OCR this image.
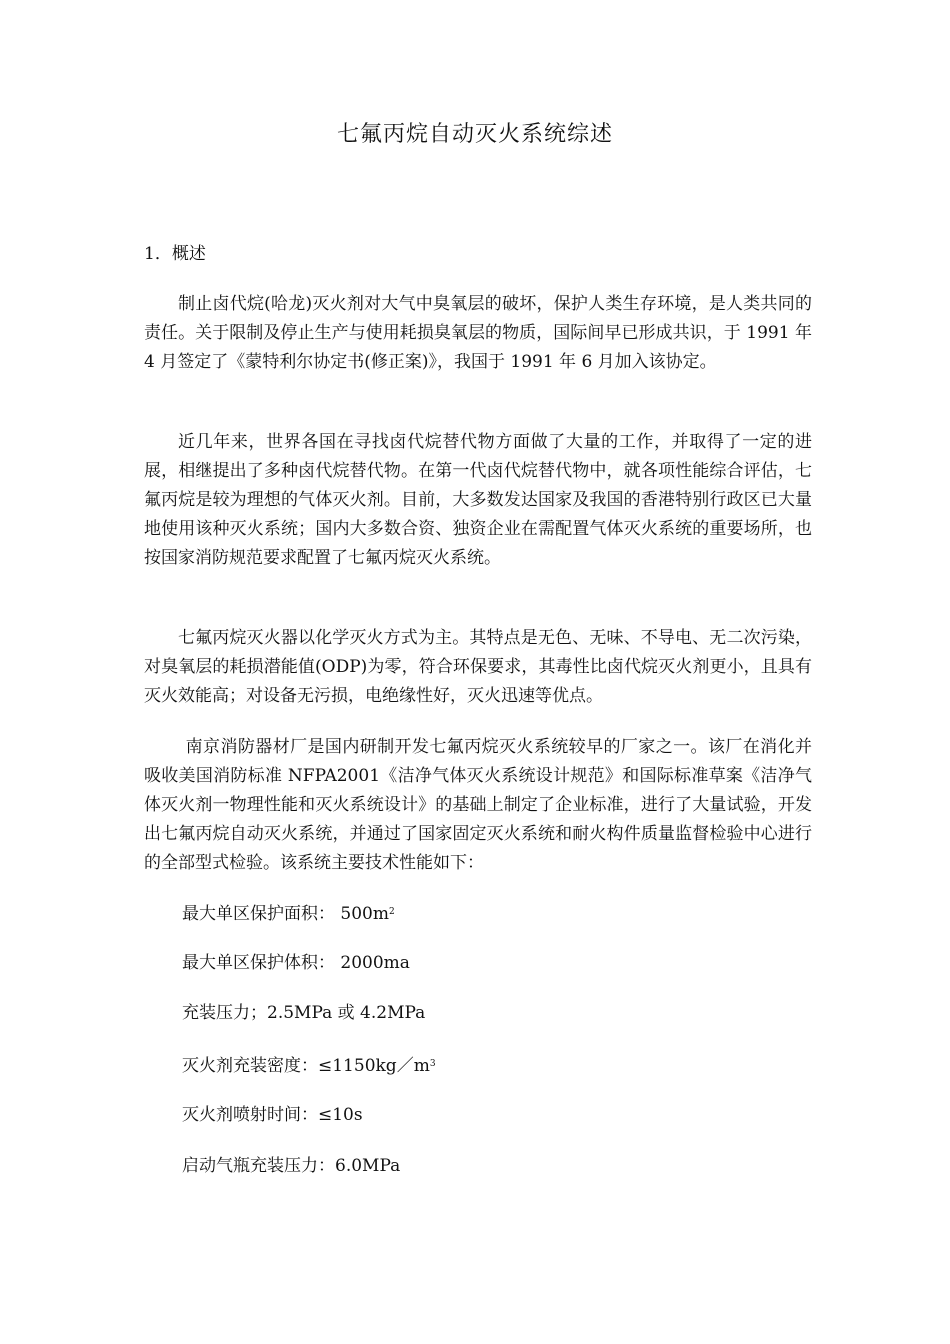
七氟丙烷自动灭火系统综述
1．概述

制止卤代烷(哈龙)灭火剂对大气中臭氧层的破坏，保护人类生存环境，是人类共同的责任。关于限制及停止生产与使用耗损臭氧层的物质，国际间早已形成共识，于 1991 年 4 月签定了《蒙特利尔协定书(修正案)》，我国于 1991 年 6 月加入该协定。

近几年来，世界各国在寻找卤代烷替代物方面做了大量的工作，并取得了一定的进展，相继提出了多种卤代烷替代物。在第一代卤代烷替代物中，就各项性能综合评估，七氟丙烷是较为理想的气体灭火剂。目前，大多数发达国家及我国的香港特别行政区已大量地使用该种灭火系统；国内大多数合资、独资企业在需配置气体灭火系统的重要场所，也按国家消防规范要求配置了七氟丙烷灭火系统。

七氟丙烷灭火器以化学灭火方式为主。其特点是无色、无味、不导电、无二次污染，对臭氧层的耗损潜能值(ODP)为零，符合环保要求，其毒性比卤代烷灭火剂更小，且具有灭火效能高；对设备无污损，电绝缘性好，灭火迅速等优点。

南京消防器材厂是国内研制开发七氟丙烷灭火系统较早的厂家之一。该厂在消化并吸收美国消防标准 NFPA2001《洁净气体灭火系统设计规范》和国际标准草案《洁净气体灭火剂一物理性能和灭火系统设计》的基础上制定了企业标准，进行了大量试验，开发出七氟丙烷自动灭火系统，并通过了国家固定灭火系统和耐火构件质量监督检验中心进行的全部型式检验。该系统主要技术性能如下：

最大单区保护面积： $500m^2$
最大单区保护体积： 2000ma
充装压力；2.5MPa 或 4.2MPa
灭火剂充装密度：$\le 1150kg/m^3$
灭火剂喷射时间：≤10s
启动气瓶充装压力：6.0MPa
